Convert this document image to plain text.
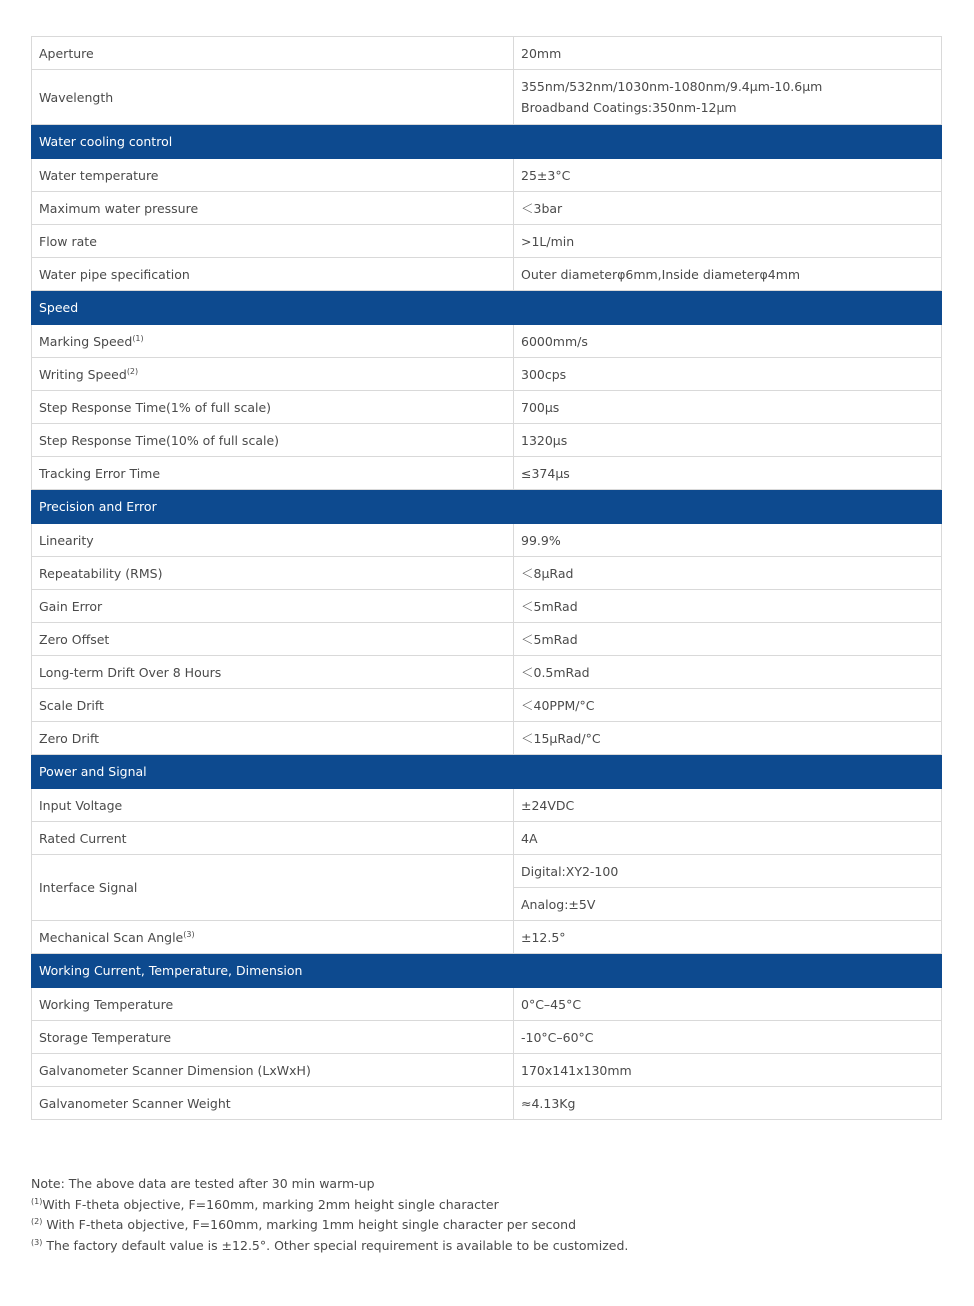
Aperture	20mm

Wavelength	355nm/532nm/1030nm-1080nm/9.4μm-10.6μm
Broadband Coatings:350nm-12μm

Water cooling control	
Water temperature	25±3°C

Maximum water pressure	＜3bar

Flow rate	>1L/min

Water pipe specification	Outer diameterφ6mm,Inside diameterφ4mm

Speed	
Marking Speed$^{(1)}$	6000mm/s

Writing Speed$^{(2)}$	300cps

Step Response Time(1% of full scale)	700μs

Step Response Time(10% of full scale)	1320μs

Tracking Error Time	≤374μs

Precision and Error	
Linearity	99.9%

Repeatability (RMS)	＜8μRad

Gain Error	＜5mRad

Zero Offset	＜5mRad

Long-term Drift Over 8 Hours	＜0.5mRad

Scale Drift	＜40PPM/°C

Zero Drift	＜15μRad/°C

Power and Signal	
Input Voltage	±24VDC

Rated Current	4A

Interface Signal	Digital:XY2-100

	Analog:±5V

Mechanical Scan Angle$^{(3)}$	±12.5°

Working Current, Temperature, Dimension	
Working Temperature	0°C–45°C

Storage Temperature	-10°C–60°C

Galvanometer Scanner Dimension (LxWxH)	170x141x130mm

Galvanometer Scanner Weight	≈4.13Kg
Note: The above data are tested after 30 min warm-up
$^{(1)}$With F-theta objective, F=160mm, marking 2mm height single character
$^{(2)}$ With F-theta objective, F=160mm, marking 1mm height single character per second
$^{(3)}$ The factory default value is ±12.5°. Other special requirement is available to be customized.
